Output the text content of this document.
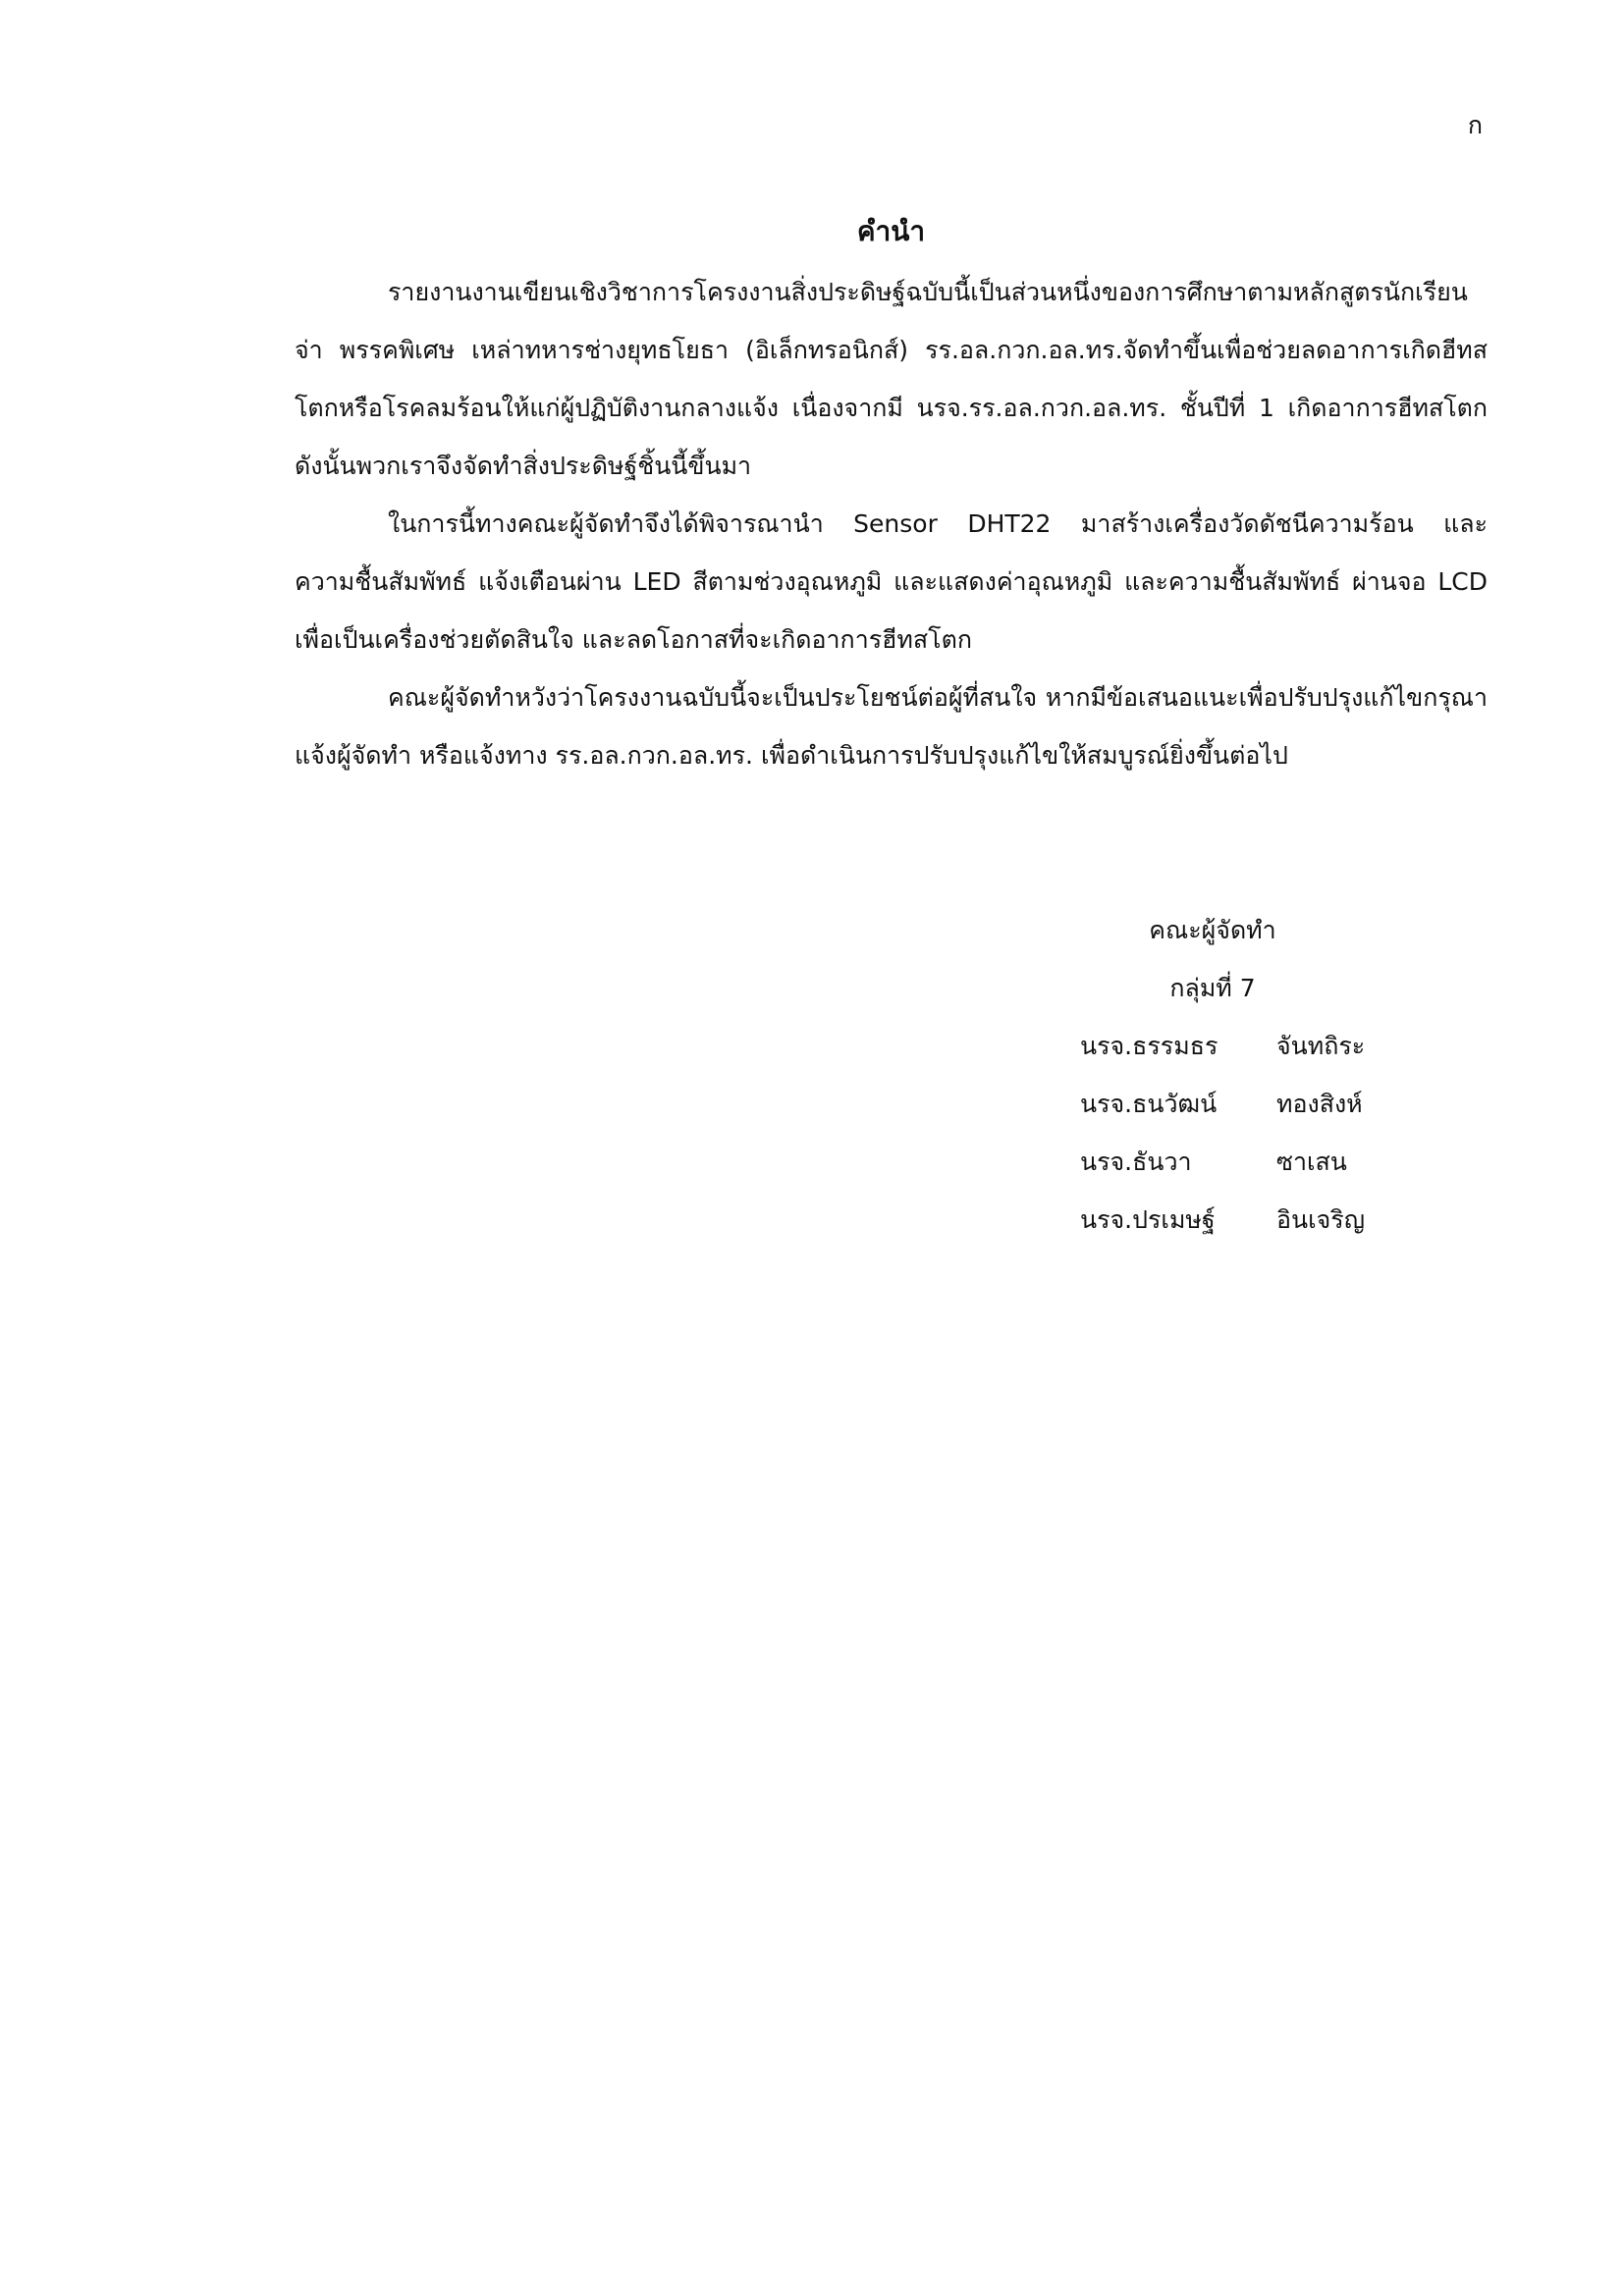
ก
คำนำ

รายงานงานเขียนเชิงวิชาการโครงงานสิ่งประดิษฐ์ฉบับนี้เป็นส่วนหนึ่งของการศึกษาตามหลักสูตรนักเรียนจ่า พรรคพิเศษ เหล่าทหารช่างยุทธโยธา (อิเล็กทรอนิกส์) รร.อล.กวก.อล.ทร.จัดทำขึ้นเพื่อช่วยลดอาการเกิดฮีทสโตกหรือโรคลมร้อนให้แก่ผู้ปฏิบัติงานกลางแจ้ง เนื่องจากมี นรจ.รร.อล.กวก.อล.ทร. ชั้นปีที่ 1 เกิดอาการฮีทสโตก ดังนั้นพวกเราจึงจัดทำสิ่งประดิษฐ์ชิ้นนี้ขึ้นมา

ในการนี้ทางคณะผู้จัดทำจึงได้พิจารณานำ Sensor DHT22 มาสร้างเครื่องวัดดัชนีความร้อน และความชื้นสัมพัทธ์ แจ้งเตือนผ่าน LED สีตามช่วงอุณหภูมิ และแสดงค่าอุณหภูมิ และความชื้นสัมพัทธ์ ผ่านจอ LCD เพื่อเป็นเครื่องช่วยตัดสินใจ และลดโอกาสที่จะเกิดอาการฮีทสโตก

คณะผู้จัดทำหวังว่าโครงงานฉบับนี้จะเป็นประโยชน์ต่อผู้ที่สนใจ หากมีข้อเสนอแนะเพื่อปรับปรุงแก้ไขกรุณาแจ้งผู้จัดทำ หรือแจ้งทาง รร.อล.กวก.อล.ทร. เพื่อดำเนินการปรับปรุงแก้ไขให้สมบูรณ์ยิ่งขึ้นต่อไป

คณะผู้จัดทำ
กลุ่มที่ 7
นรจ.ธรรมธร	จันทถิระ
นรจ.ธนวัฒน์	ทองสิงห์
นรจ.ธันวา	ซาเสน
นรจ.ปรเมษฐ์	อินเจริญ
